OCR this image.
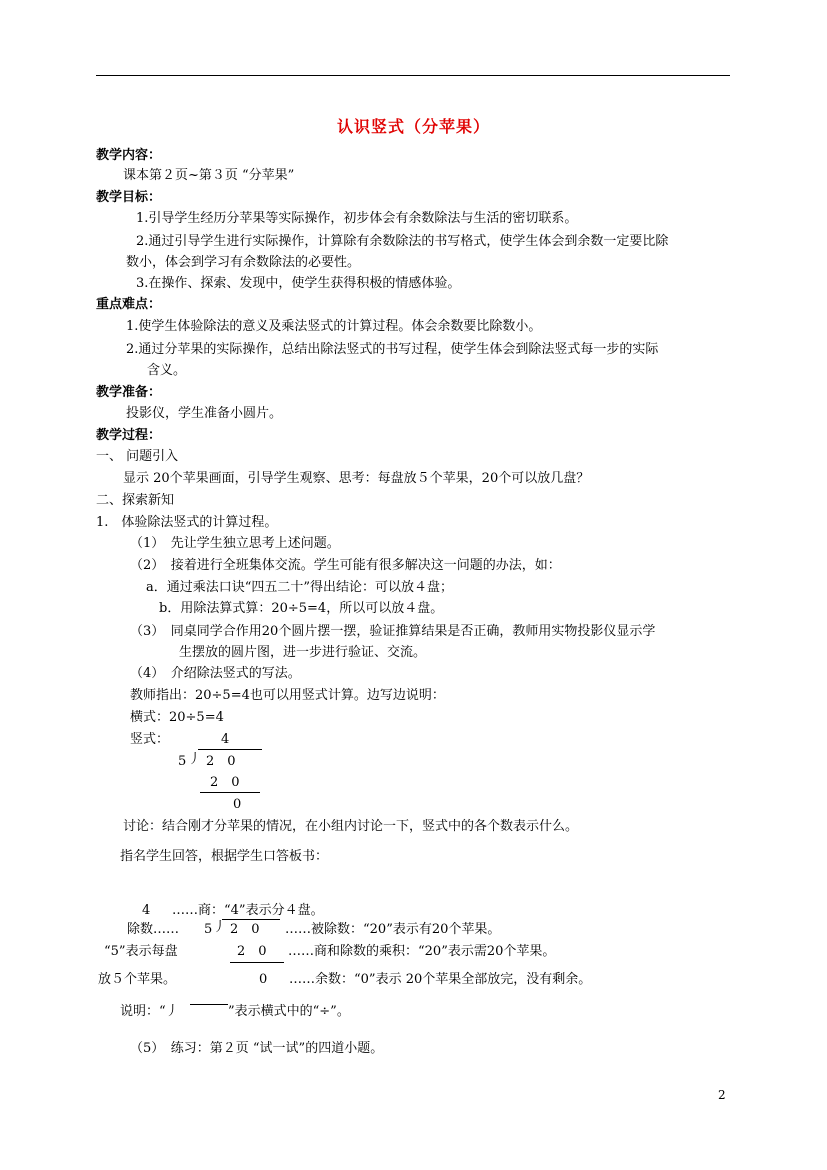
认识竖式（分苹果）
教学内容：
课本第２页~第３页 “分苹果”
教学目标：
1.引导学生经历分苹果等实际操作，初步体会有余数除法与生活的密切联系。
2.通过引导学生进行实际操作，计算除有余数除法的书写格式，使学生体会到余数一定要比除
数小，体会到学习有余数除法的必要性。
3.在操作、探索、发现中，使学生获得积极的情感体验。
重点难点：
1.使学生体验除法的意义及乘法竖式的计算过程。体会余数要比除数小。
2.通过分苹果的实际操作，总结出除法竖式的书写过程，使学生体会到除法竖式每一步的实际
含义。
教学准备：
投影仪，学生准备小圆片。
教学过程：
一、 问题引入
显示 20个苹果画面，引导学生观察、思考：每盘放５个苹果，20个可以放几盘？
二、探索新知
1.　体验除法竖式的计算过程。
（1）　先让学生独立思考上述问题。
（2）　接着进行全班集体交流。学生可能有很多解决这一问题的办法，如：
a．通过乘法口诀“四五二十”得出结论：可以放４盘；
b．用除法算式算：20÷5=4，所以可以放４盘。
（3）　同桌同学合作用20个圆片摆一摆，验证推算结果是否正确，教师用实物投影仪显示学
生摆放的圆片图，进一步进行验证、交流。
（4）　介绍除法竖式的写法。
教师指出：20÷5=4也可以用竖式计算。边写边说明：
横式：20÷5=4
竖式：	4
5 丿 2　0
2　0
0
讨论：结合刚才分苹果的情况，在小组内讨论一下，竖式中的各个数表示什么。
指名学生回答，根据学生口答板书：
4 ……商：“4”表示分４盘。
除数…… 5 丿 2　0 ……被除数：“20”表示有20个苹果。
“5”表示每盘	2　0 ……商和除数的乘积：“20”表示需20个苹果。
放５个苹果。	0 ……余数：“0”表示 20个苹果全部放完，没有剩余。
说明：“丿	”表示横式中的“÷”。
（5）　练习：第２页 “试一试”的四道小题。
2
